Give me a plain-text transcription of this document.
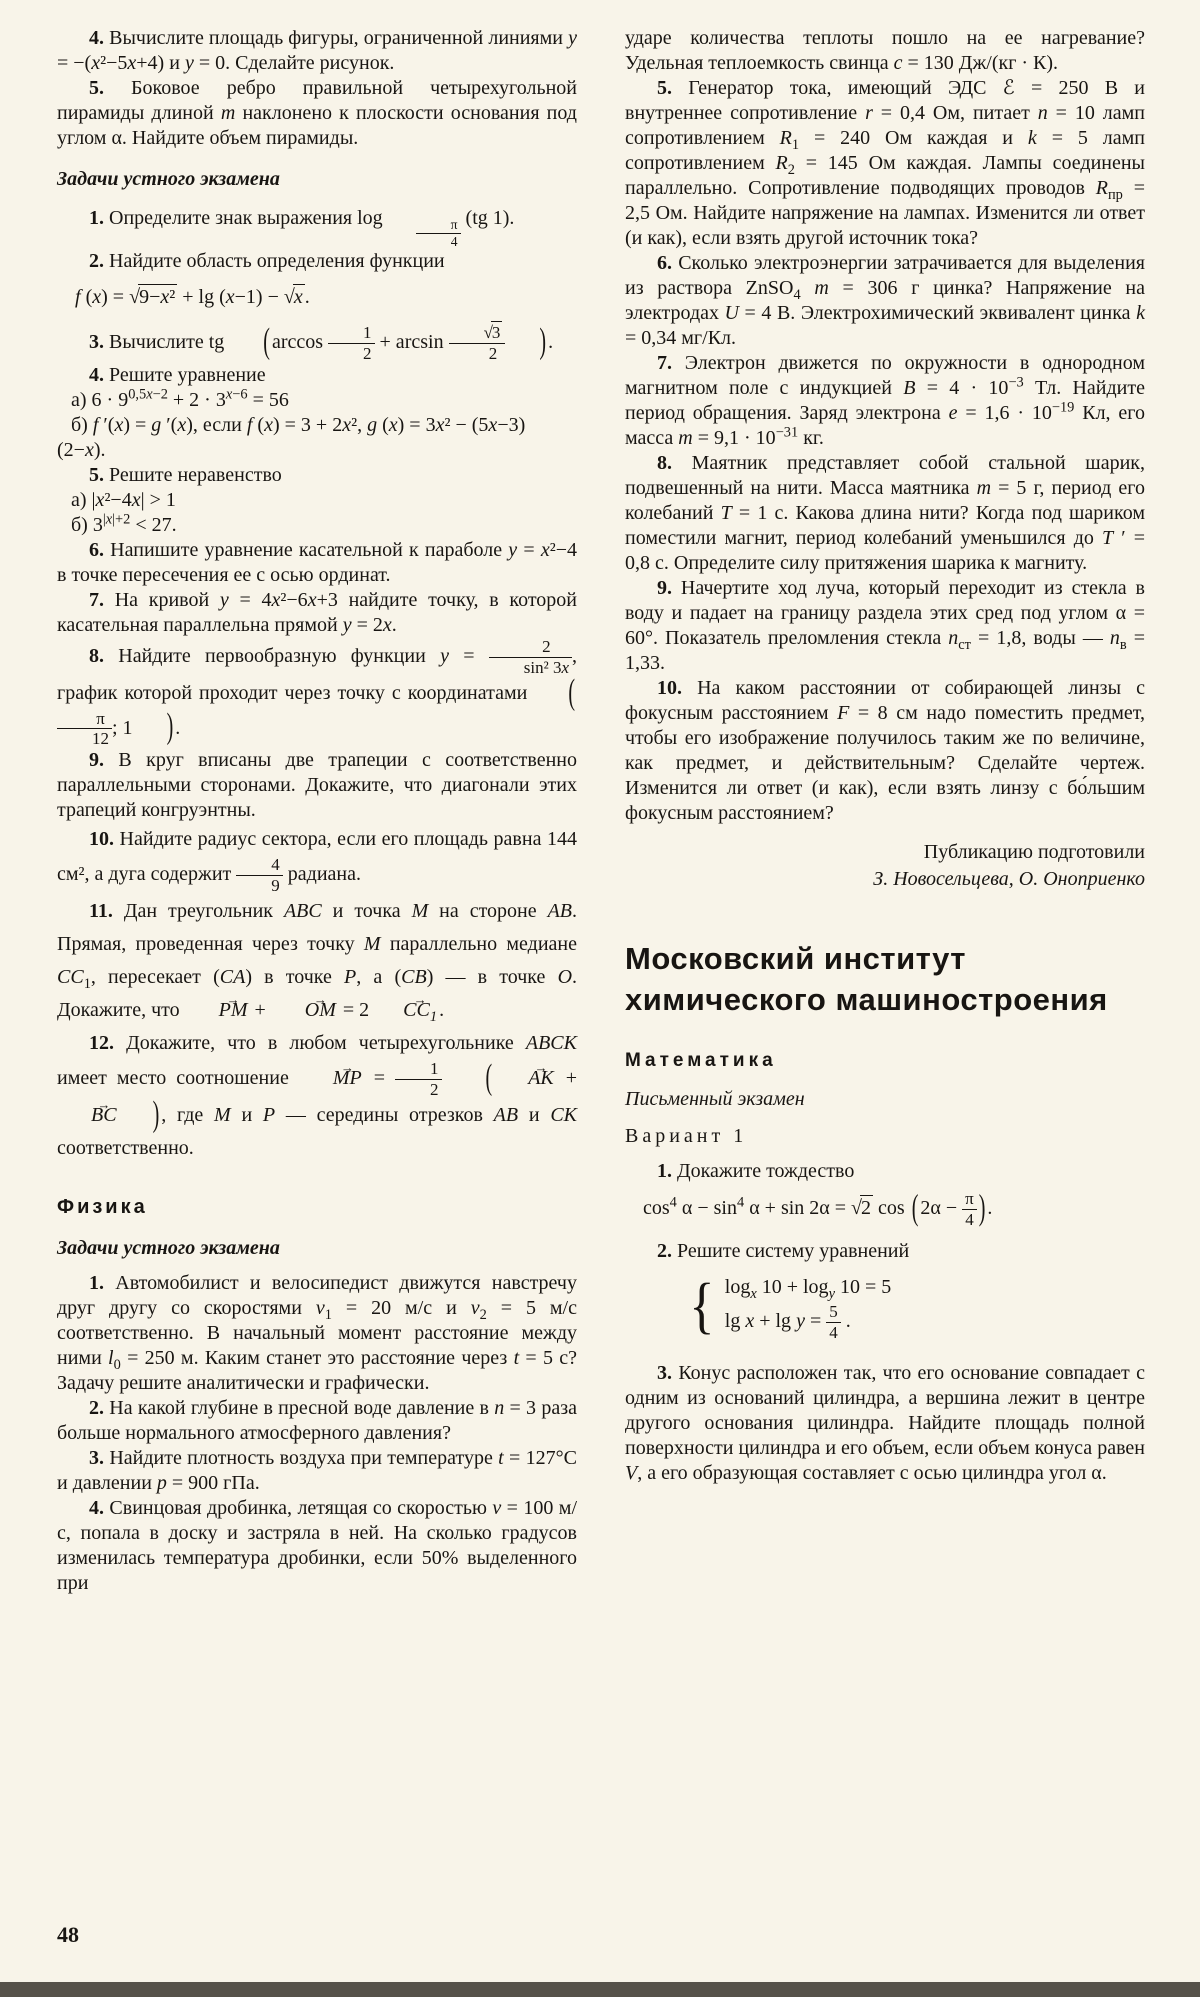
4. Вычислите площадь фигуры, ограниченной линиями y = −(x²−5x+4) и y = 0. Сделайте рисунок.
5. Боковое ребро правильной четырехугольной пирамиды длиной m наклонено к плоскости основания под углом α. Найдите объем пирамиды.
Задачи устного экзамена
1. Определите знак выражения $\log \frac{\pi}{4} (tg$ 1).
2. Найдите область определения функции
f (x) = √9−x² + lg (x−1) − √x .
3. Вычислите tg ( $\arccos \frac{1}{2} + \arcsin \frac{√3}{2}$ ) .
4. Решите уравнение
а) $6 \cdot 9^{0,5x-2} + 2 \cdot 3^{x-6} = 56$
б) f ′(x) = g ′(x), если f (x) = 3 + 2x², g (x) = 3x² − (5x−3) (2−x).
5. Решите неравенство
а) |x²−4x| > 1
б) $3^{|x|+2} < 27$.
6. Напишите уравнение касательной к параболе y = x²−4 в точке пересечения ее с осью ординат.
7. На кривой y = 4x²−6x+3 найдите точку, в которой касательная параллельна прямой y = 2x.
8. Найдите первообразную функции $y = \frac{2}{\text{sin² 3x}}$ , график которой проходит через точку с координатами (
$\frac{\pi}{12}$ ; 1 ) .
9. В круг вписаны две трапеции с соответственно параллельными сторонами. Докажите, что диагонали этих трапеций конгруэнтны.
10. Найдите радиус сектора, если его площадь равна 144 см², а дуга содержит $\frac{4}{9}$ радиана.
11. Дан треугольник ABC и точка M на стороне AB. Прямая, проведенная через точку M параллельно медиане $CC_1$, пересекает (CA) в точке P, а (CB) — в точке O. Докажите, что → PM + → OM = $2 \to CC_1$ .
12. Докажите, что в любом четырехугольнике ABCK имеет место соотношение → MP = $\frac{1}{2}$ ( → AK + → BC ) , где M и P — середины отрезков AB и CK соответственно.
Физика
Задачи устного экзамена
1. Автомобилист и велосипедист движутся навстречу друг другу со скоростями $v_1 = 20$ м/с и $v_2 = 5$ м/с соответственно. В начальный момент расстояние между ними $l_0 = 250$ м. Каким станет это расстояние через t = 5 с? Задачу решите аналитически и графически.
2. На какой глубине в пресной воде давление в n = 3 раза больше нормального атмосферного давления?
3. Найдите плотность воздуха при температуре t = 127°С и давлении p = 900 гПа.
4. Свинцовая дробинка, летящая со скоростью v = 100 м/с, попала в доску и застряла в ней. На сколько градусов изменилась температура дробинки, если 50% выделенного при
ударе количества теплоты пошло на ее нагревание? Удельная теплоемкость свинца c = 130 Дж/(кг · К).
5. Генератор тока, имеющий ЭДС ℰ = 250 В и внутреннее сопротивление r = 0,4 Ом, питает n = 10 ламп сопротивлением $R_1 = 240$ Ом каждая и k = 5 ламп сопротивлением $R_2 = 145$ Ом каждая. Лампы соединены параллельно. Сопротивление подводящих проводов $R_{пр} = 2,5$ Ом. Найдите напряжение на лампах. Изменится ли ответ (и как), если взять другой источник тока?
6. Сколько электроэнергии затрачивается для выделения из раствора ZnSO$_4$ m = 306 г цинка? Напряжение на электродах U = 4 В. Электрохимический эквивалент цинка k = 0,34 мг/Кл.
7. Электрон движется по окружности в однородном магнитном поле с индукцией $B = 4 \cdot 10^{-3}$ Тл. Найдите период обращения. Заряд электрона $e = 1,6 \cdot 10^{-19}$ Кл, его масса $m = 9,1 \cdot 10^{-31}$ кг.
8. Маятник представляет собой стальной шарик, подвешенный на нити. Масса маятника m = 5 г, период его колебаний T = 1 с. Какова длина нити? Когда под шариком поместили магнит, период колебаний уменьшился до T ′ = 0,8 с. Определите силу притяжения шарика к магниту.
9. Начертите ход луча, который переходит из стекла в воду и падает на границу раздела этих сред под углом α = 60°. Показатель преломления стекла $n_{ст} = 1,8$, воды — $n_в = 1,33$.
10. На каком расстоянии от собирающей линзы с фокусным расстоянием F = 8 см надо поместить предмет, чтобы его изображение получилось таким же по величине, как предмет, и действительным? Сделайте чертеж. Изменится ли ответ (и как), если взять линзу с бо́льшим фокусным расстоянием?
Публикацию подготовили
З. Новосельцева, О. Оноприенко
Московский институт
химического машиностроения
Математика
Письменный экзамен
Вариант 1
1. Докажите тождество
$\cos^4 \alpha - \sin^4 \alpha + \sin 2\alpha = √2$ cos ( $2\alpha - \frac{\pi}{4}$ ) .
2. Решите систему уравнений
{ $\log_x 10 + \log_y 10 = 5$
$\lg x + \lg y = \frac{5}{4}$ .
3. Конус расположен так, что его основание совпадает с одним из оснований цилиндра, а вершина лежит в центре другого основания цилиндра. Найдите площадь полной поверхности цилиндра и его объем, если объем конуса равен V, а его образующая составляет с осью цилиндра угол α.
48
